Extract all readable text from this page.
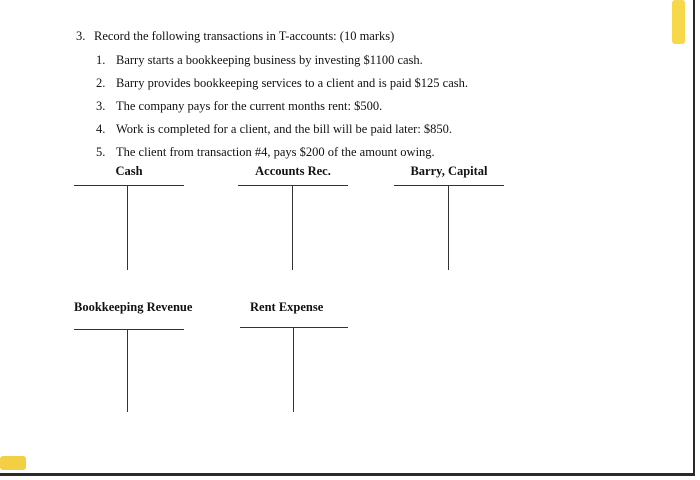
3. Record the following transactions in T-accounts: (10 marks)
1. Barry starts a bookkeeping business by investing $1100 cash.
2. Barry provides bookkeeping services to a client and is paid $125 cash.
3. The company pays for the current months rent: $500.
4. Work is completed for a client, and the bill will be paid later: $850.
5. The client from transaction #4, pays $200 of the amount owing.
Cash	Accounts Rec.	Barry, Capital
Bookkeeping Revenue	Rent Expense
